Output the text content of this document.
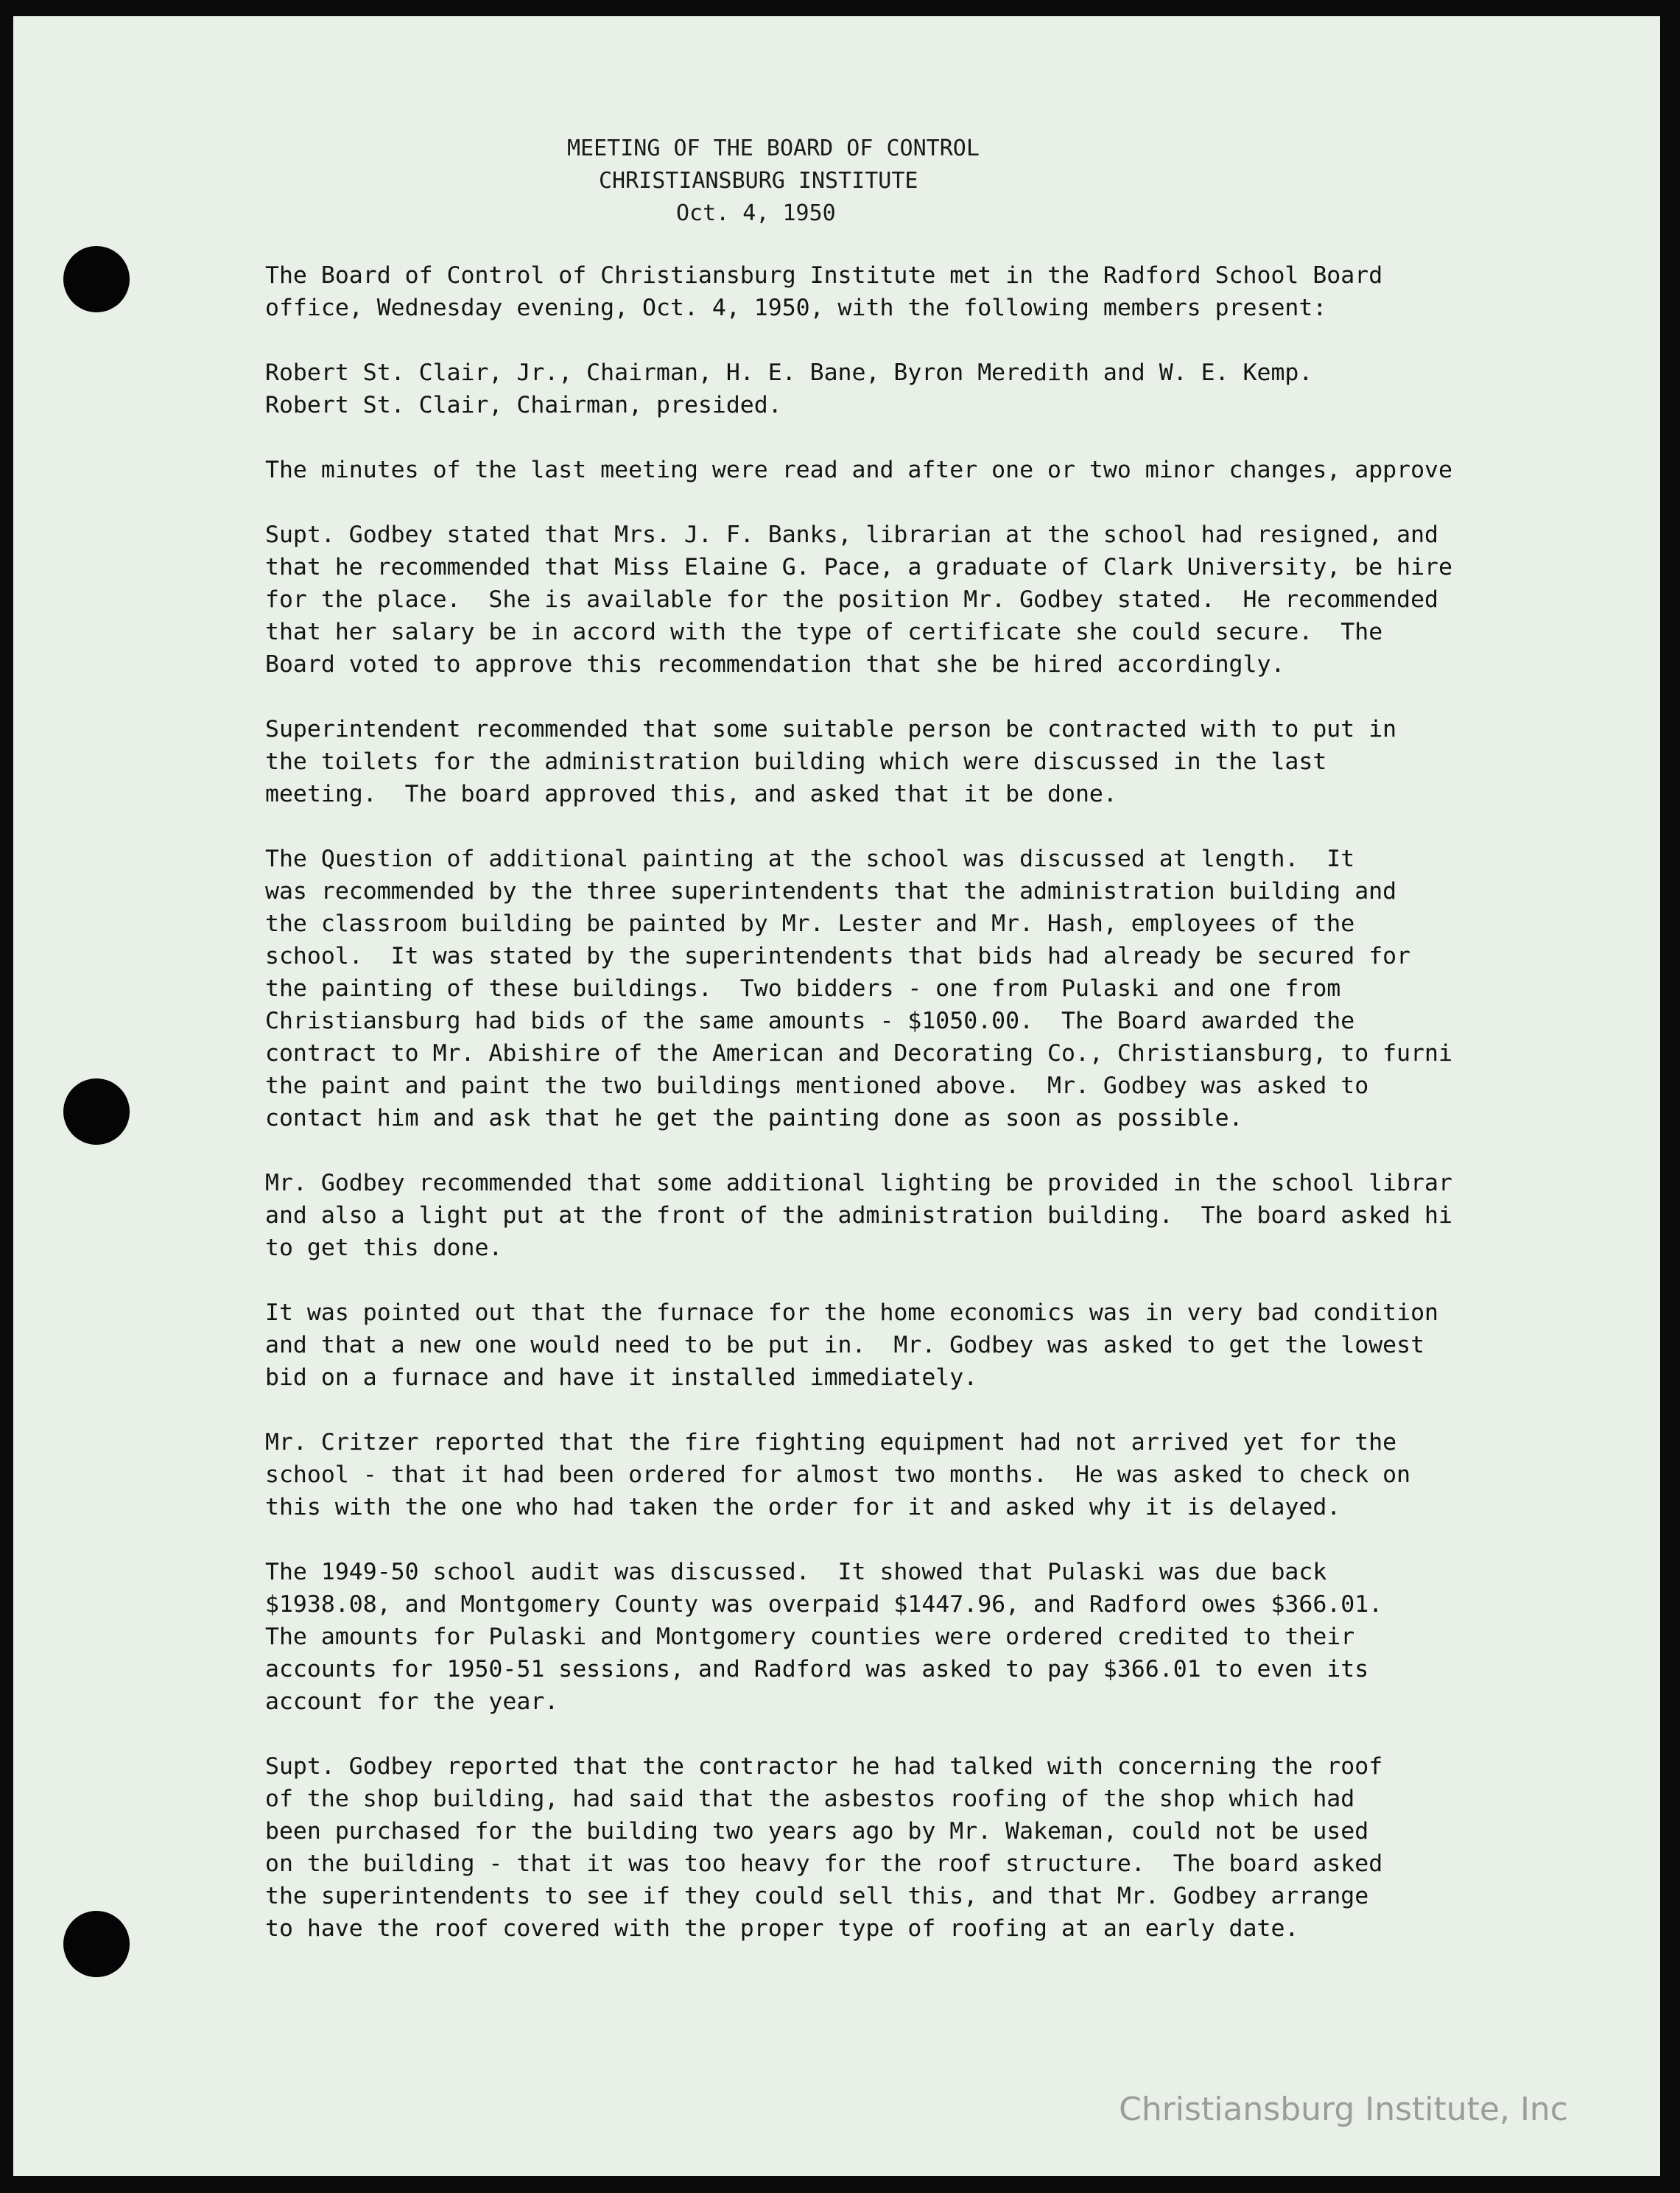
MEETING OF THE BOARD OF CONTROL
CHRISTIANSBURG INSTITUTE
Oct. 4, 1950
The Board of Control of Christiansburg Institute met in the Radford School Board
office, Wednesday evening, Oct. 4, 1950, with the following members present:
Robert St. Clair, Jr., Chairman, H. E. Bane, Byron Meredith and W. E. Kemp.
Robert St. Clair, Chairman, presided.
The minutes of the last meeting were read and after one or two minor changes, approve
Supt. Godbey stated that Mrs. J. F. Banks, librarian at the school had resigned, and
that he recommended that Miss Elaine G. Pace, a graduate of Clark University, be hire
for the place.  She is available for the position Mr. Godbey stated.  He recommended
that her salary be in accord with the type of certificate she could secure.  The
Board voted to approve this recommendation that she be hired accordingly.
Superintendent recommended that some suitable person be contracted with to put in
the toilets for the administration building which were discussed in the last
meeting.  The board approved this, and asked that it be done.
The Question of additional painting at the school was discussed at length.  It
was recommended by the three superintendents that the administration building and
the classroom building be painted by Mr. Lester and Mr. Hash, employees of the
school.  It was stated by the superintendents that bids had already be secured for
the painting of these buildings.  Two bidders - one from Pulaski and one from
Christiansburg had bids of the same amounts - $1050.00.  The Board awarded the
contract to Mr. Abishire of the American and Decorating Co., Christiansburg, to furni
the paint and paint the two buildings mentioned above.  Mr. Godbey was asked to
contact him and ask that he get the painting done as soon as possible.
Mr. Godbey recommended that some additional lighting be provided in the school librar
and also a light put at the front of the administration building.  The board asked hi
to get this done.
It was pointed out that the furnace for the home economics was in very bad condition
and that a new one would need to be put in.  Mr. Godbey was asked to get the lowest
bid on a furnace and have it installed immediately.
Mr. Critzer reported that the fire fighting equipment had not arrived yet for the
school - that it had been ordered for almost two months.  He was asked to check on
this with the one who had taken the order for it and asked why it is delayed.
The 1949-50 school audit was discussed.  It showed that Pulaski was due back
$1938.08, and Montgomery County was overpaid $1447.96, and Radford owes $366.01.
The amounts for Pulaski and Montgomery counties were ordered credited to their
accounts for 1950-51 sessions, and Radford was asked to pay $366.01 to even its
account for the year.
Supt. Godbey reported that the contractor he had talked with concerning the roof
of the shop building, had said that the asbestos roofing of the shop which had
been purchased for the building two years ago by Mr. Wakeman, could not be used
on the building - that it was too heavy for the roof structure.  The board asked
the superintendents to see if they could sell this, and that Mr. Godbey arrange
to have the roof covered with the proper type of roofing at an early date.
Christiansburg Institute, Inc
